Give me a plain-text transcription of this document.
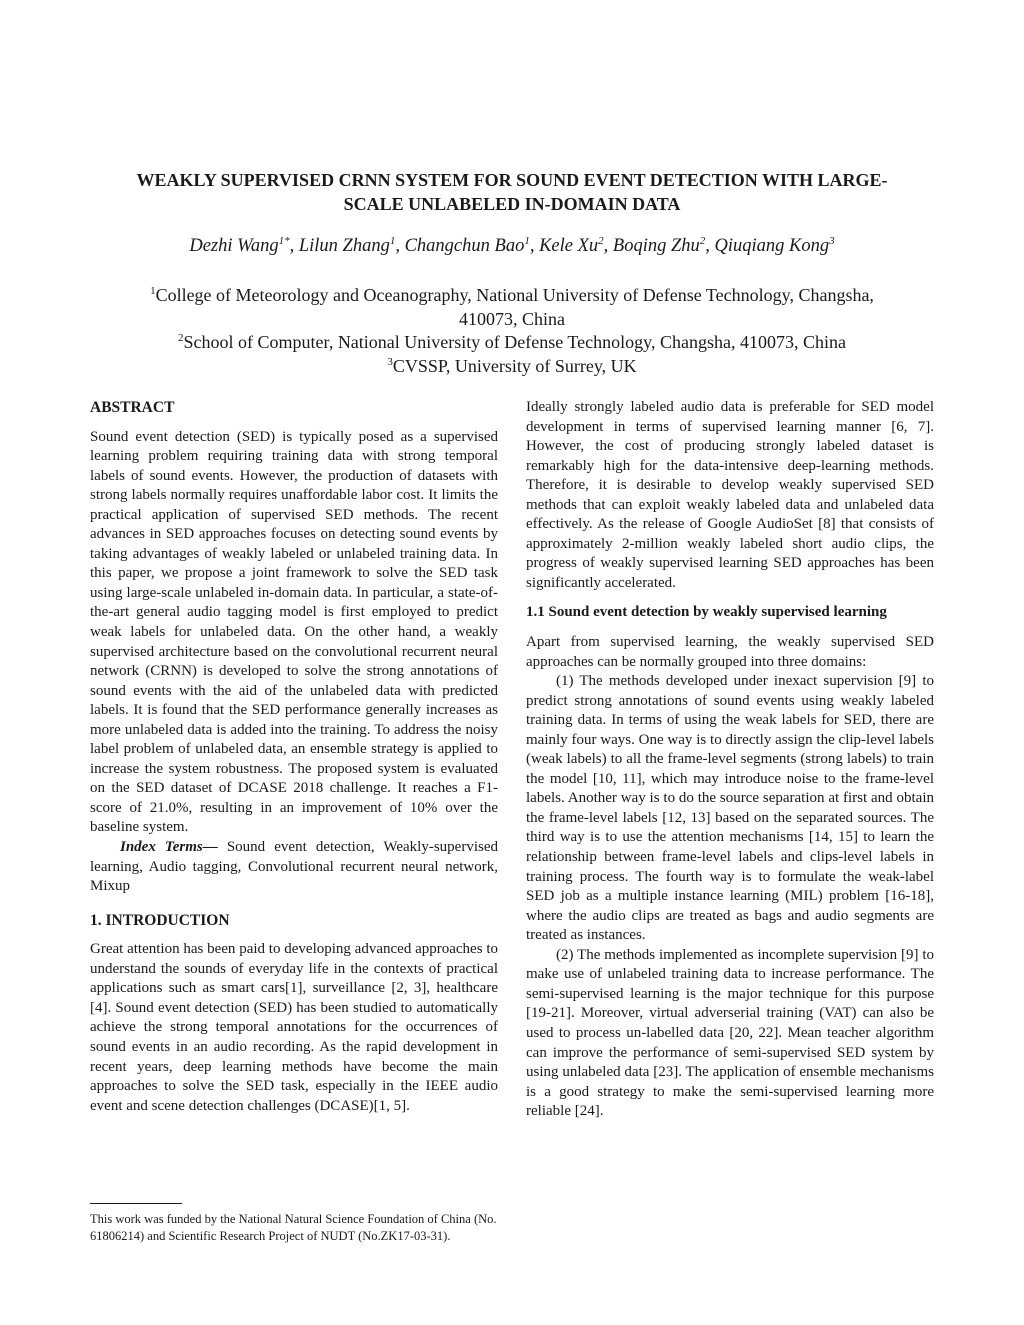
WEAKLY SUPERVISED CRNN SYSTEM FOR SOUND EVENT DETECTION WITH LARGE-
SCALE UNLABELED IN-DOMAIN DATA
Dezhi Wang$^{1*}$, Lilun Zhang$^1$, Changchun Bao$^1$, Kele Xu$^2$, Boqing Zhu$^2$, Qiuqiang Kong$^3$
$^1$College of Meteorology and Oceanography, National University of Defense Technology, Changsha,
410073, China
$^2$School of Computer, National University of Defense Technology, Changsha, 410073, China
$^3$CVSSP, University of Surrey, UK

ABSTRACT

Sound event detection (SED) is typically posed as a supervised learning problem requiring training data with strong temporal labels of sound events. However, the production of datasets with strong labels normally requires unaffordable labor cost. It limits the practical application of supervised SED methods. The recent advances in SED approaches focuses on detecting sound events by taking advantages of weakly labeled or unlabeled training data. In this paper, we propose a joint framework to solve the SED task using large-scale unlabeled in-domain data. In particular, a state-of-the-art general audio tagging model is first employed to predict weak labels for unlabeled data. On the other hand, a weakly supervised architecture based on the convolutional recurrent neural network (CRNN) is developed to solve the strong annotations of sound events with the aid of the unlabeled data with predicted labels. It is found that the SED performance generally increases as more unlabeled data is added into the training. To address the noisy label problem of unlabeled data, an ensemble strategy is applied to increase the system robustness. The proposed system is evaluated on the SED dataset of DCASE 2018 challenge. It reaches a F1-score of 21.0%, resulting in an improvement of 10% over the baseline system.

Index Terms— Sound event detection, Weakly-supervised learning, Audio tagging, Convolutional recurrent neural network, Mixup

1. INTRODUCTION

Great attention has been paid to developing advanced approaches to understand the sounds of everyday life in the contexts of practical applications such as smart cars[1], surveillance [2, 3], healthcare [4]. Sound event detection (SED) has been studied to automatically achieve the strong temporal annotations for the occurrences of sound events in an audio recording. As the rapid development in recent years, deep learning methods have become the main approaches to solve the SED task, especially in the IEEE audio event and scene detection challenges (DCASE)[1, 5].

Ideally strongly labeled audio data is preferable for SED model development in terms of supervised learning manner [6, 7]. However, the cost of producing strongly labeled dataset is remarkably high for the data-intensive deep-learning methods. Therefore, it is desirable to develop weakly supervised SED methods that can exploit weakly labeled data and unlabeled data effectively. As the release of Google AudioSet [8] that consists of approximately 2-million weakly labeled short audio clips, the progress of weakly supervised learning SED approaches has been significantly accelerated.

1.1 Sound event detection by weakly supervised learning

Apart from supervised learning, the weakly supervised SED approaches can be normally grouped into three domains:

(1) The methods developed under inexact supervision [9] to predict strong annotations of sound events using weakly labeled training data. In terms of using the weak labels for SED, there are mainly four ways. One way is to directly assign the clip-level labels (weak labels) to all the frame-level segments (strong labels) to train the model [10, 11], which may introduce noise to the frame-level labels. Another way is to do the source separation at first and obtain the frame-level labels [12, 13] based on the separated sources. The third way is to use the attention mechanisms [14, 15] to learn the relationship between frame-level labels and clips-level labels in training process. The fourth way is to formulate the weak-label SED job as a multiple instance learning (MIL) problem [16-18], where the audio clips are treated as bags and audio segments are treated as instances.

(2) The methods implemented as incomplete supervision [9] to make use of unlabeled training data to increase performance. The semi-supervised learning is the major technique for this purpose [19-21]. Moreover, virtual adverserial training (VAT) can also be used to process un-labelled data [20, 22]. Mean teacher algorithm can improve the performance of semi-supervised SED system by using unlabeled data [23]. The application of ensemble mechanisms is a good strategy to make the semi-supervised learning more reliable [24].

This work was funded by the National Natural Science Foundation of China (No. 61806214) and Scientific Research Project of NUDT (No.ZK17-03-31).
